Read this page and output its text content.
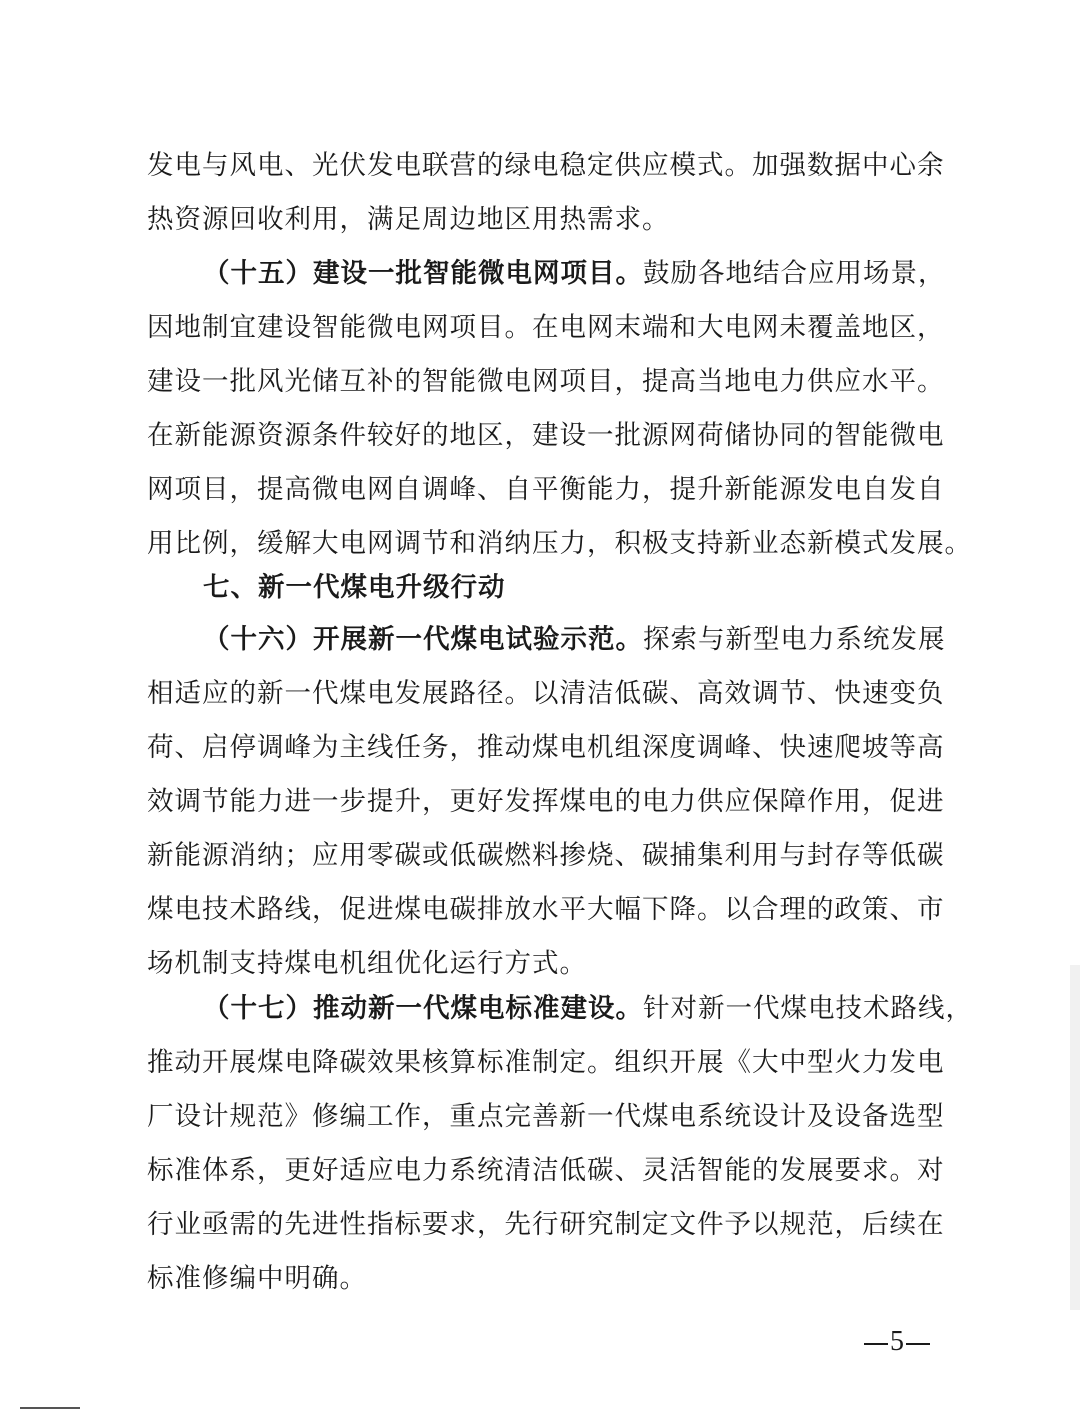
发电与风电、光伏发电联营的绿电稳定供应模式。加强数据中心余
热资源回收利用，满足周边地区用热需求。
（十五）建设一批智能微电网项目。鼓励各地结合应用场景，
因地制宜建设智能微电网项目。在电网末端和大电网未覆盖地区，
建设一批风光储互补的智能微电网项目，提高当地电力供应水平。
在新能源资源条件较好的地区，建设一批源网荷储协同的智能微电
网项目，提高微电网自调峰、自平衡能力，提升新能源发电自发自
用比例，缓解大电网调节和消纳压力，积极支持新业态新模式发展。
七、新一代煤电升级行动
（十六）开展新一代煤电试验示范。探索与新型电力系统发展
相适应的新一代煤电发展路径。以清洁低碳、高效调节、快速变负
荷、启停调峰为主线任务，推动煤电机组深度调峰、快速爬坡等高
效调节能力进一步提升，更好发挥煤电的电力供应保障作用，促进
新能源消纳；应用零碳或低碳燃料掺烧、碳捕集利用与封存等低碳
煤电技术路线，促进煤电碳排放水平大幅下降。以合理的政策、市
场机制支持煤电机组优化运行方式。
（十七）推动新一代煤电标准建设。针对新一代煤电技术路线，
推动开展煤电降碳效果核算标准制定。组织开展《大中型火力发电
厂设计规范》修编工作，重点完善新一代煤电系统设计及设备选型
标准体系，更好适应电力系统清洁低碳、灵活智能的发展要求。对
行业亟需的先进性指标要求，先行研究制定文件予以规范，后续在
标准修编中明确。
5
